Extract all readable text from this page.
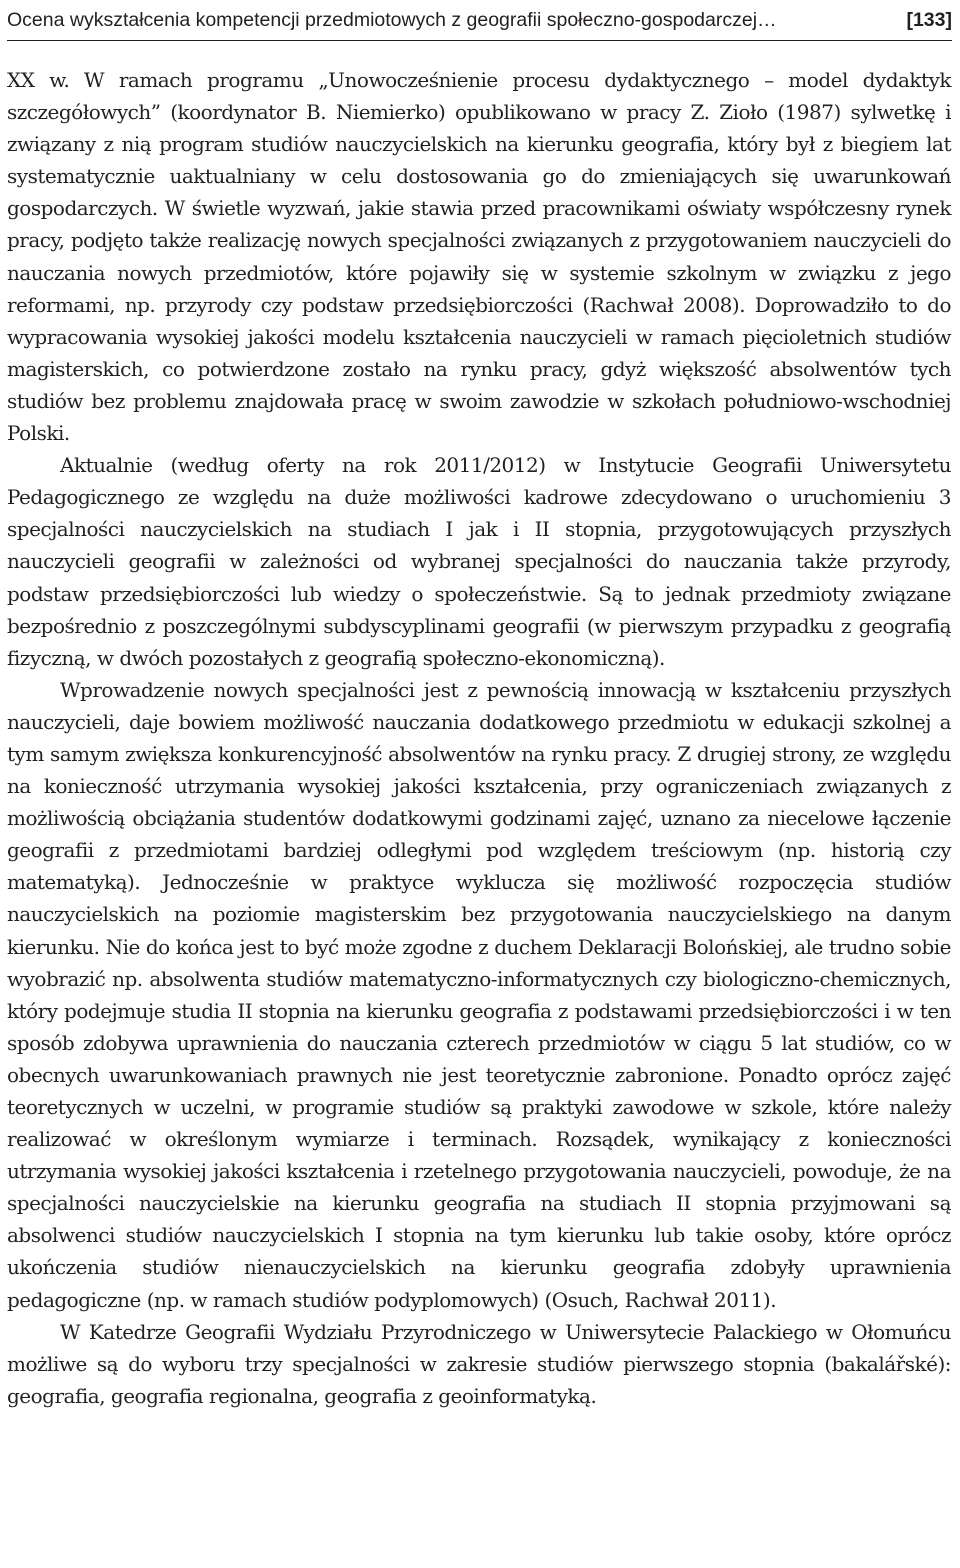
Ocena wykształcenia kompetencji przedmiotowych z geografii społeczno-gospodarczej…	[133]

XX w. W ramach programu „Unowocześnienie procesu dydaktycznego – model dydaktyk szczegółowych” (koordynator B. Niemierko) opublikowano w pracy Z. Zioło (1987) sylwetkę i związany z nią program studiów nauczycielskich na kierunku geografia, który był z biegiem lat systematycznie uaktualniany w celu dostosowania go do zmieniających się uwarunkowań gospodarczych. W świetle wyzwań, jakie stawia przed pracownikami oświaty współczesny rynek pracy, podjęto także realizację nowych specjalności związanych z przygotowaniem nauczycieli do nauczania nowych przedmiotów, które pojawiły się w systemie szkolnym w związku z jego reformami, np. przyrody czy podstaw przedsiębiorczości (Rachwał 2008). Doprowadziło to do wypracowania wysokiej jakości modelu kształcenia nauczycieli w ramach pięcioletnich studiów magisterskich, co potwierdzone zostało na rynku pracy, gdyż większość absolwentów tych studiów bez problemu znajdowała pracę w swoim zawodzie w szkołach południowo-wschodniej Polski.

Aktualnie (według oferty na rok 2011/2012) w Instytucie Geografii Uniwersytetu Pedagogicznego ze względu na duże możliwości kadrowe zdecydowano o uruchomieniu 3 specjalności nauczycielskich na studiach I jak i II stopnia, przygotowujących przyszłych nauczycieli geografii w zależności od wybranej specjalności do nauczania także przyrody, podstaw przedsiębiorczości lub wiedzy o społeczeństwie. Są to jednak przedmioty związane bezpośrednio z poszczególnymi subdyscyplinami geografii (w pierwszym przypadku z geografią fizyczną, w dwóch pozostałych z geografią społeczno-ekonomiczną).

Wprowadzenie nowych specjalności jest z pewnością innowacją w kształceniu przyszłych nauczycieli, daje bowiem możliwość nauczania dodatkowego przedmiotu w edukacji szkolnej a tym samym zwiększa konkurencyjność absolwentów na rynku pracy. Z drugiej strony, ze względu na konieczność utrzymania wysokiej jakości kształcenia, przy ograniczeniach związanych z możliwością obciążania studentów dodatkowymi godzinami zajęć, uznano za niecelowe łączenie geografii z przedmiotami bardziej odległymi pod względem treściowym (np. historią czy matematyką). Jednocześnie w praktyce wyklucza się możliwość rozpoczęcia studiów nauczycielskich na poziomie magisterskim bez przygotowania nauczycielskiego na danym kierunku. Nie do końca jest to być może zgodne z duchem Deklaracji Bolońskiej, ale trudno sobie wyobrazić np. absolwenta studiów matematyczno-informatycznych czy biologiczno-chemicznych, który podejmuje studia II stopnia na kierunku geografia z podstawami przedsiębiorczości i w ten sposób zdobywa uprawnienia do nauczania czterech przedmiotów w ciągu 5 lat studiów, co w obecnych uwarunkowaniach prawnych nie jest teoretycznie zabronione. Ponadto oprócz zajęć teoretycznych w uczelni, w programie studiów są praktyki zawodowe w szkole, które należy realizować w określonym wymiarze i terminach. Rozsądek, wynikający z konieczności utrzymania wysokiej jakości kształcenia i rzetelnego przygotowania nauczycieli, powoduje, że na specjalności nauczycielskie na kierunku geografia na studiach II stopnia przyjmowani są absolwenci studiów nauczycielskich I stopnia na tym kierunku lub takie osoby, które oprócz ukończenia studiów nienauczycielskich na kierunku geografia zdobyły uprawnienia pedagogiczne (np. w ramach studiów podyplomowych) (Osuch, Rachwał 2011).

W Katedrze Geografii Wydziału Przyrodniczego w Uniwersytecie Palackiego w Ołomuńcu możliwe są do wyboru trzy specjalności w zakresie studiów pierwszego stopnia (bakalářské): geografia, geografia regionalna, geografia z geoinformatyką.
